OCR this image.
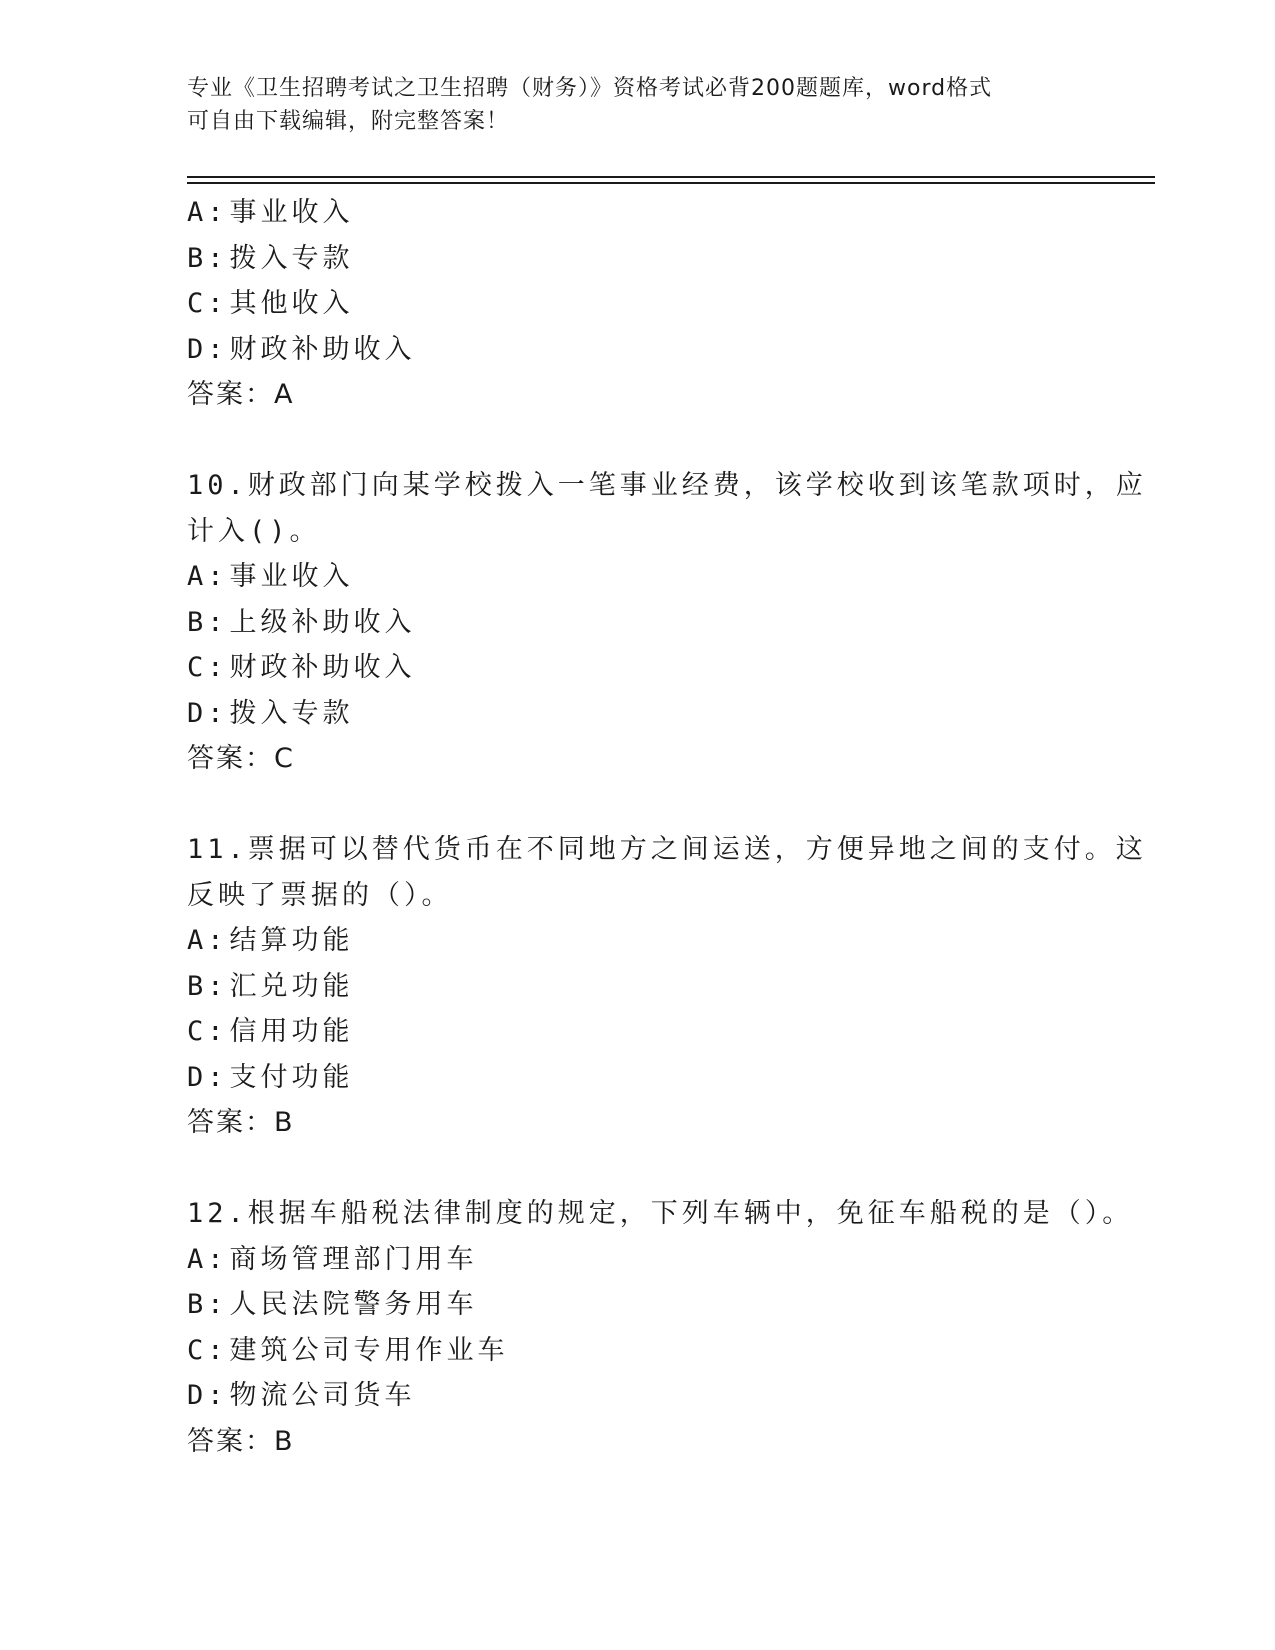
专业《卫生招聘考试之卫生招聘（财务）》资格考试必背200题题库，word格式
可自由下载编辑，附完整答案！
A:事业收入
B:拨入专款
C:其他收入
D:财政补助收入
答案：A
10.财政部门向某学校拨入一笔事业经费，该学校收到该笔款项时，应
计入()。
A:事业收入
B:上级补助收入
C:财政补助收入
D:拨入专款
答案：C
11.票据可以替代货币在不同地方之间运送，方便异地之间的支付。这
反映了票据的（）。
A:结算功能
B:汇兑功能
C:信用功能
D:支付功能
答案：B
12.根据车船税法律制度的规定，下列车辆中，免征车船税的是（）。
A:商场管理部门用车
B:人民法院警务用车
C:建筑公司专用作业车
D:物流公司货车
答案：B
